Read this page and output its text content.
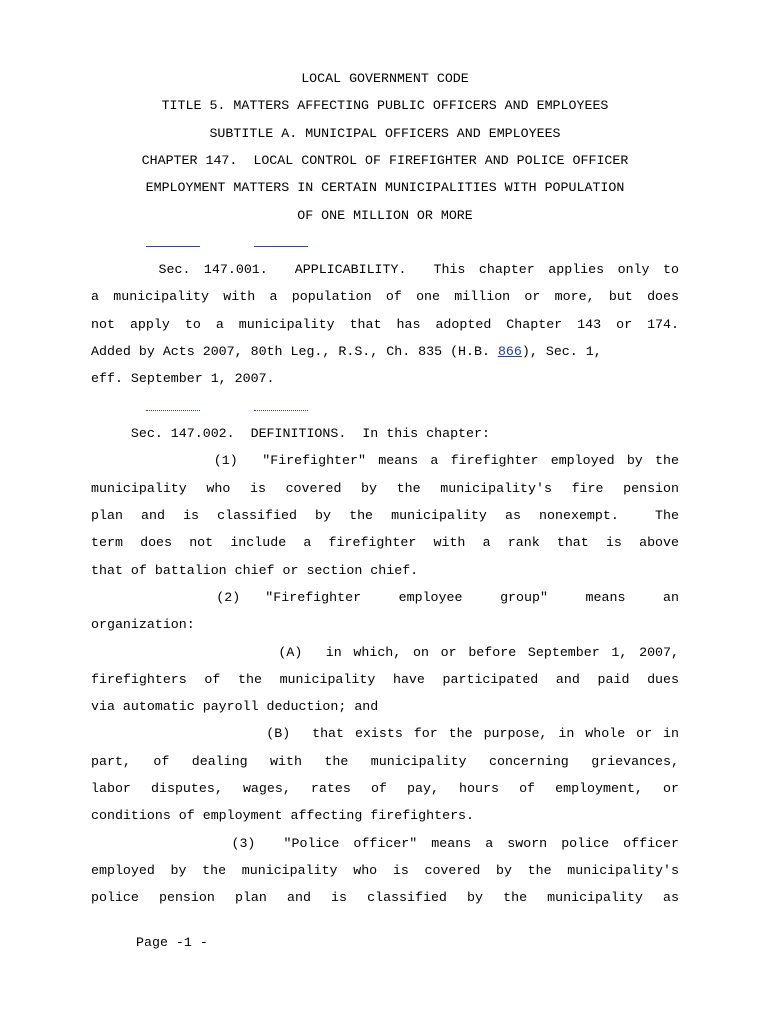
LOCAL GOVERNMENT CODE
TITLE 5. MATTERS AFFECTING PUBLIC OFFICERS AND EMPLOYEES
SUBTITLE A. MUNICIPAL OFFICERS AND EMPLOYEES
CHAPTER 147.  LOCAL CONTROL OF FIREFIGHTER AND POLICE OFFICER
EMPLOYMENT MATTERS IN CERTAIN MUNICIPALITIES WITH POPULATION
OF ONE MILLION OR MORE
Sec. 147.001.  APPLICABILITY.  This chapter applies only to
a municipality with a population of one million or more, but does
not apply to a municipality that has adopted Chapter 143 or 174.
Added by Acts 2007, 80th Leg., R.S., Ch. 835 (H.B. 866), Sec. 1,
eff. September 1, 2007.
Sec. 147.002.  DEFINITIONS.  In this chapter:
(1)  "Firefighter" means a firefighter employed by the
municipality who is covered by the municipality's fire pension
plan and is classified by the municipality as nonexempt.  The
term does not include a firefighter with a rank that is above
that of battalion chief or section chief.
(2)  "Firefighter   employee   group"   means   an
organization:
(A)  in which, on or before September 1, 2007,
firefighters of the municipality have participated and paid dues
via automatic payroll deduction; and
(B)  that exists for the purpose, in whole or in
part, of dealing with the municipality concerning grievances,
labor disputes, wages, rates of pay, hours of employment, or
conditions of employment affecting firefighters.
(3)  "Police officer" means a sworn police officer
employed by the municipality who is covered by the municipality's
police pension plan and is classified by the municipality as
Page -1 -
